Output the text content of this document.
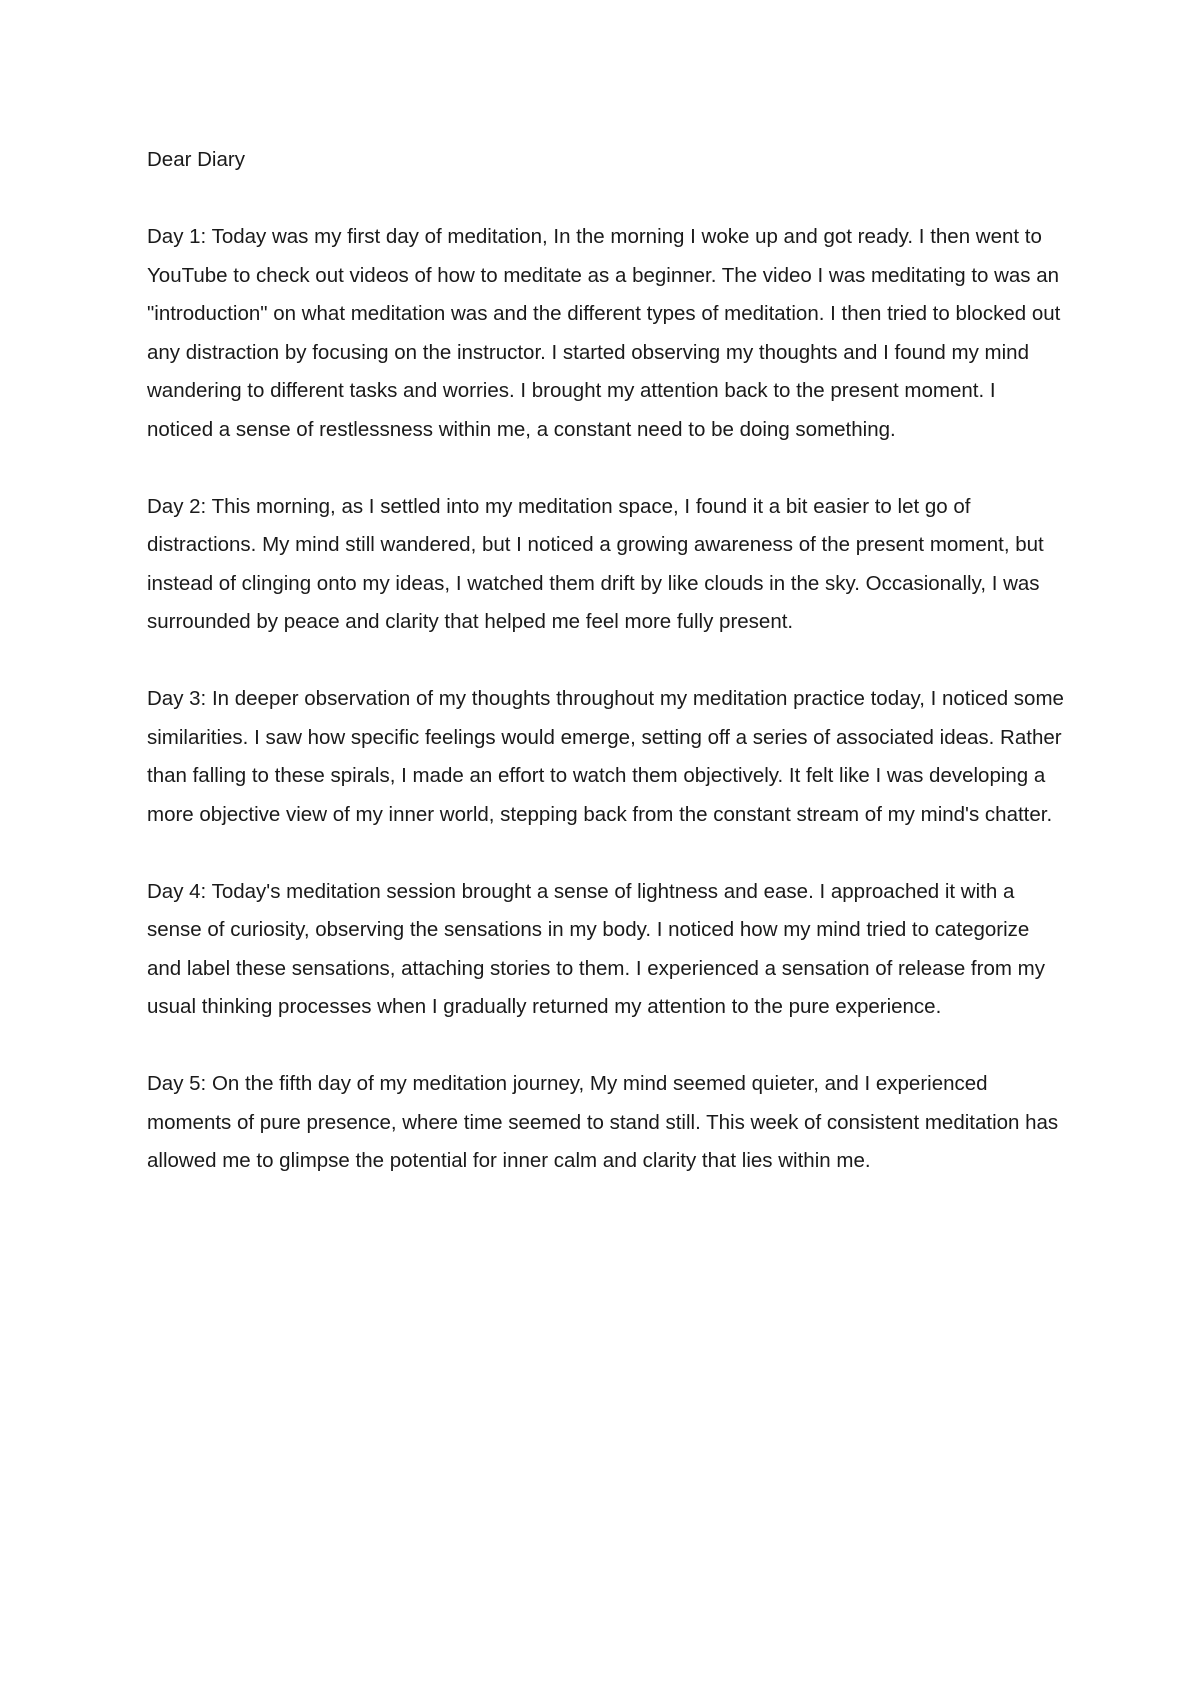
Dear Diary

Day 1: Today was my first day of meditation, In the morning I woke up and got ready. I then went to YouTube to check out videos of how to meditate as a beginner. The video I was meditating to was an "introduction" on what meditation was and the different types of meditation. I then tried to blocked out any distraction by focusing on the instructor. I started observing my thoughts and I found my mind wandering to different tasks and worries. I brought my attention back to the present moment. I noticed a sense of restlessness within me, a constant need to be doing something.

Day 2: This morning, as I settled into my meditation space, I found it a bit easier to let go of distractions. My mind still wandered, but I noticed a growing awareness of the present moment, but instead of clinging onto my ideas, I watched them drift by like clouds in the sky. Occasionally, I was surrounded by peace and clarity that helped me feel more fully present.

Day 3: In deeper observation of my thoughts throughout my meditation practice today, I noticed some similarities. I saw how specific feelings would emerge, setting off a series of associated ideas. Rather than falling to these spirals, I made an effort to watch them objectively. It felt like I was developing a more objective view of my inner world, stepping back from the constant stream of my mind's chatter.

Day 4: Today's meditation session brought a sense of lightness and ease. I approached it with a sense of curiosity, observing the sensations in my body. I noticed how my mind tried to categorize and label these sensations, attaching stories to them. I experienced a sensation of release from my usual thinking processes when I gradually returned my attention to the pure experience.

Day 5: On the fifth day of my meditation journey, My mind seemed quieter, and I experienced moments of pure presence, where time seemed to stand still. This week of consistent meditation has allowed me to glimpse the potential for inner calm and clarity that lies within me.
